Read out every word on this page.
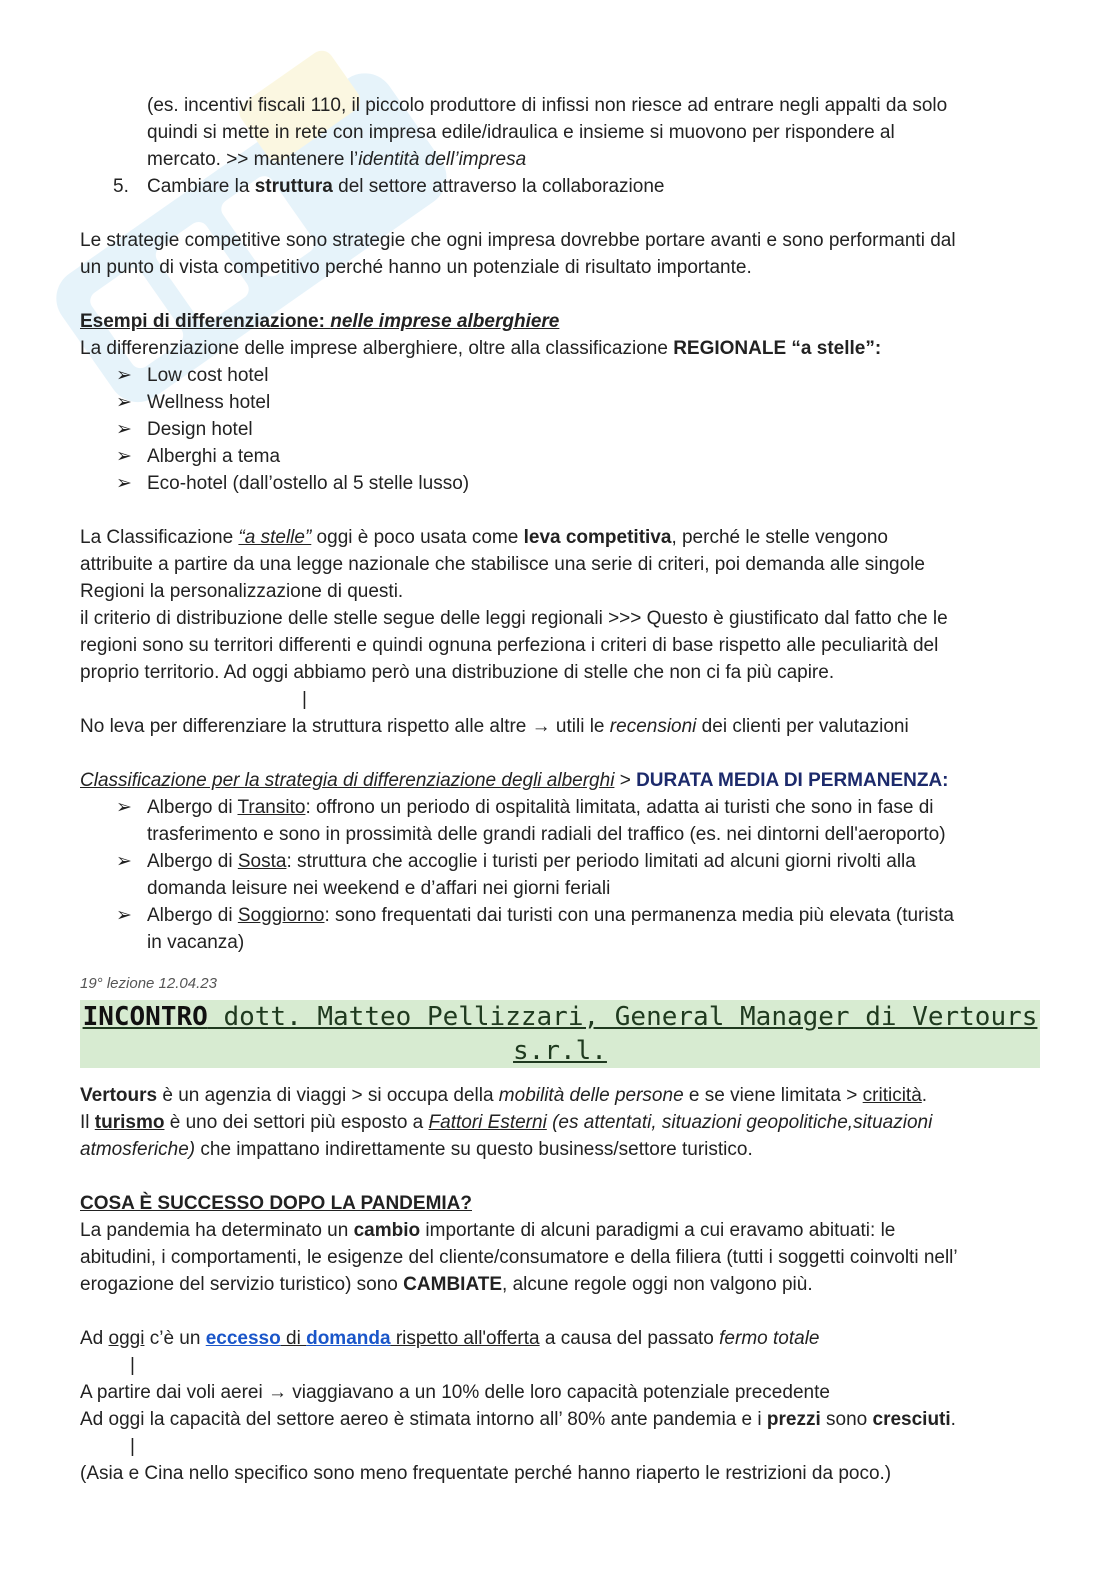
(es. incentivi fiscali 110, il piccolo produttore di infissi non riesce ad entrare negli appalti da solo

quindi si mette in rete con impresa edile/idraulica e insieme si muovono per rispondere al

mercato. >> mantenere l’identità dell’impresa

5. Cambiare la struttura del settore attraverso la collaborazione

Le strategie competitive sono strategie che ogni impresa dovrebbe portare avanti e sono performanti dal

un punto di vista competitivo perché hanno un potenziale di risultato importante.

Esempi di differenziazione: nelle imprese alberghiere

La differenziazione delle imprese alberghiere, oltre alla classificazione REGIONALE “a stelle”:

➢ Low cost hotel
➢ Wellness hotel
➢ Design hotel
➢ Alberghi a tema
➢ Eco-hotel (dall’ostello al 5 stelle lusso)

La Classificazione “a stelle” oggi è poco usata come leva competitiva, perché le stelle vengono

attribuite a partire da una legge nazionale che stabilisce una serie di criteri, poi demanda alle singole

Regioni la personalizzazione di questi.

il criterio di distribuzione delle stelle segue delle leggi regionali >>> Questo è giustificato dal fatto che le

regioni sono su territori differenti e quindi ognuna perfeziona i criteri di base rispetto alle peculiarità del

proprio territorio. Ad oggi abbiamo però una distribuzione di stelle che non ci fa più capire.

|

No leva per differenziare la struttura rispetto alle altre → utili le recensioni dei clienti per valutazioni

Classificazione per la strategia di differenziazione degli alberghi > DURATA MEDIA DI PERMANENZA:

➢ Albergo di Transito: offrono un periodo di ospitalità limitata, adatta ai turisti che sono in fase di
trasferimento e sono in prossimità delle grandi radiali del traffico (es. nei dintorni dell'aeroporto)
➢ Albergo di Sosta: struttura che accoglie i turisti per periodo limitati ad alcuni giorni rivolti alla
domanda leisure nei weekend e d’affari nei giorni feriali
➢ Albergo di Soggiorno: sono frequentati dai turisti con una permanenza media più elevata (turista
in vacanza)

19° lezione 12.04.23

INCONTRO dott. Matteo Pellizzari, General Manager di Vertours s.r.l.

Vertours è un agenzia di viaggi > si occupa della mobilità delle persone e se viene limitata > criticità.

Il turismo è uno dei settori più esposto a Fattori Esterni (es attentati, situazioni geopolitiche,situazioni

atmosferiche) che impattano indirettamente su questo business/settore turistico.

COSA È SUCCESSO DOPO LA PANDEMIA?

La pandemia ha determinato un cambio importante di alcuni paradigmi a cui eravamo abituati: le

abitudini, i comportamenti, le esigenze del cliente/consumatore e della filiera (tutti i soggetti coinvolti nell’

erogazione del servizio turistico) sono CAMBIATE, alcune regole oggi non valgono più.

Ad oggi c’è un eccesso di domanda rispetto all'offerta a causa del passato fermo totale

|

A partire dai voli aerei → viaggiavano a un 10% delle loro capacità potenziale precedente

Ad oggi la capacità del settore aereo è stimata intorno all’ 80% ante pandemia e i prezzi sono cresciuti.

|

(Asia e Cina nello specifico sono meno frequentate perché hanno riaperto le restrizioni da poco.)
